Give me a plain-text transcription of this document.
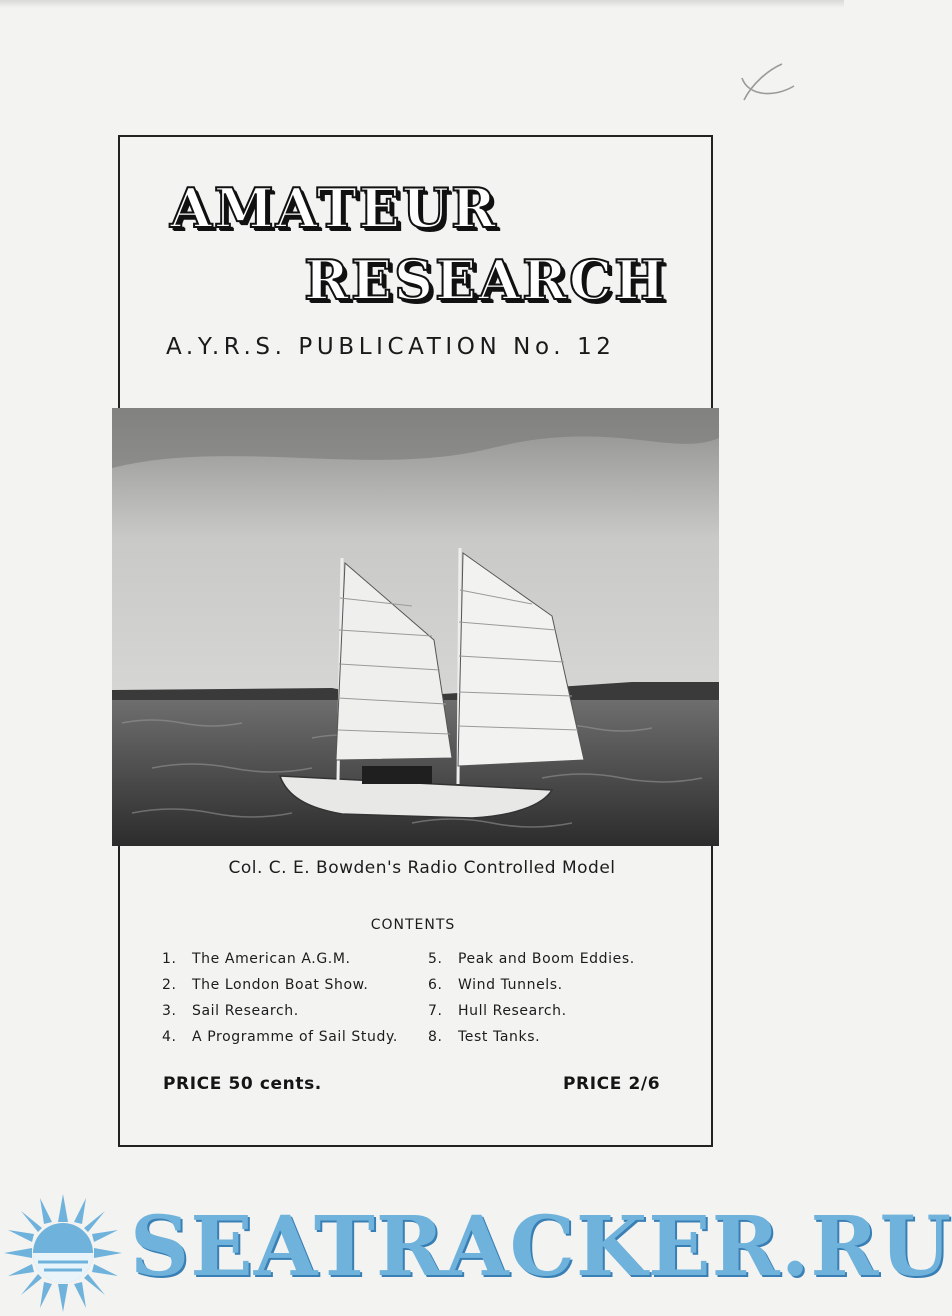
AMATEUR
RESEARCH
A.Y.R.S. PUBLICATION No. 12
Col. C. E. Bowden's Radio Controlled Model
CONTENTS
1. The American A.G.M.
2. The London Boat Show.
3. Sail Research.
4. A Programme of Sail Study.
5. Peak and Boom Eddies.
6. Wind Tunnels.
7. Hull Research.
8. Test Tanks.
PRICE 50 cents.	PRICE 2/6
SEATRACKER.RU
